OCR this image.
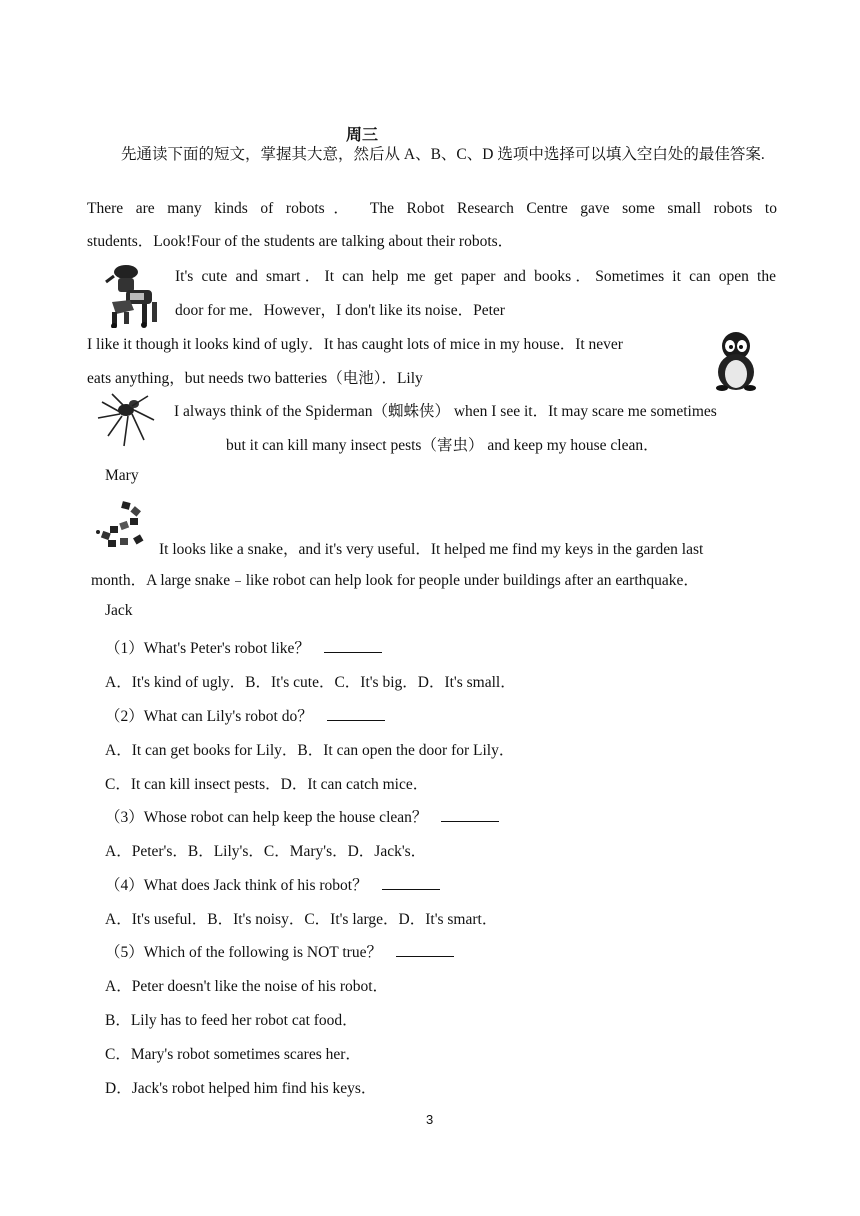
周三
先通读下面的短文，掌握其大意，然后从 A、B、C、D 选项中选择可以填入空白处的最佳答案.
There are many kinds of robots． The Robot Research Centre gave some small robots to
students．Look!Four of the students are talking about their robots．
It's cute and smart．It can help me get paper and books．Sometimes it can open the
door for me．However，I don't like its noise．Peter
I like it though it looks kind of ugly．It has caught lots of mice in my house．It never
eats anything，but needs two batteries（电池）．Lily
I always think of the Spiderman（蜘蛛侠） when I see it．It may scare me sometimes
but it can kill many insect pests（害虫） and keep my house clean．
Mary
It looks like a snake，and it's very useful．It helped me find my keys in the garden last
month．A large snake﹣like robot can help look for people under buildings after an earthquake．
Jack
（1）What's Peter's robot like？
A．It's kind of ugly．B．It's cute．C．It's big．D．It's small．
（2）What can Lily's robot do？
A．It can get books for Lily．B．It can open the door for Lily．
C．It can kill insect pests．D．It can catch mice．
（3）Whose robot can help keep the house clean？
A．Peter's．B．Lily's．C．Mary's．D．Jack's．
（4）What does Jack think of his robot？
A．It's useful．B．It's noisy．C．It's large．D．It's smart．
（5）Which of the following is NOT true？
A．Peter doesn't like the noise of his robot．
B．Lily has to feed her robot cat food．
C．Mary's robot sometimes scares her．
D．Jack's robot helped him find his keys．
3
